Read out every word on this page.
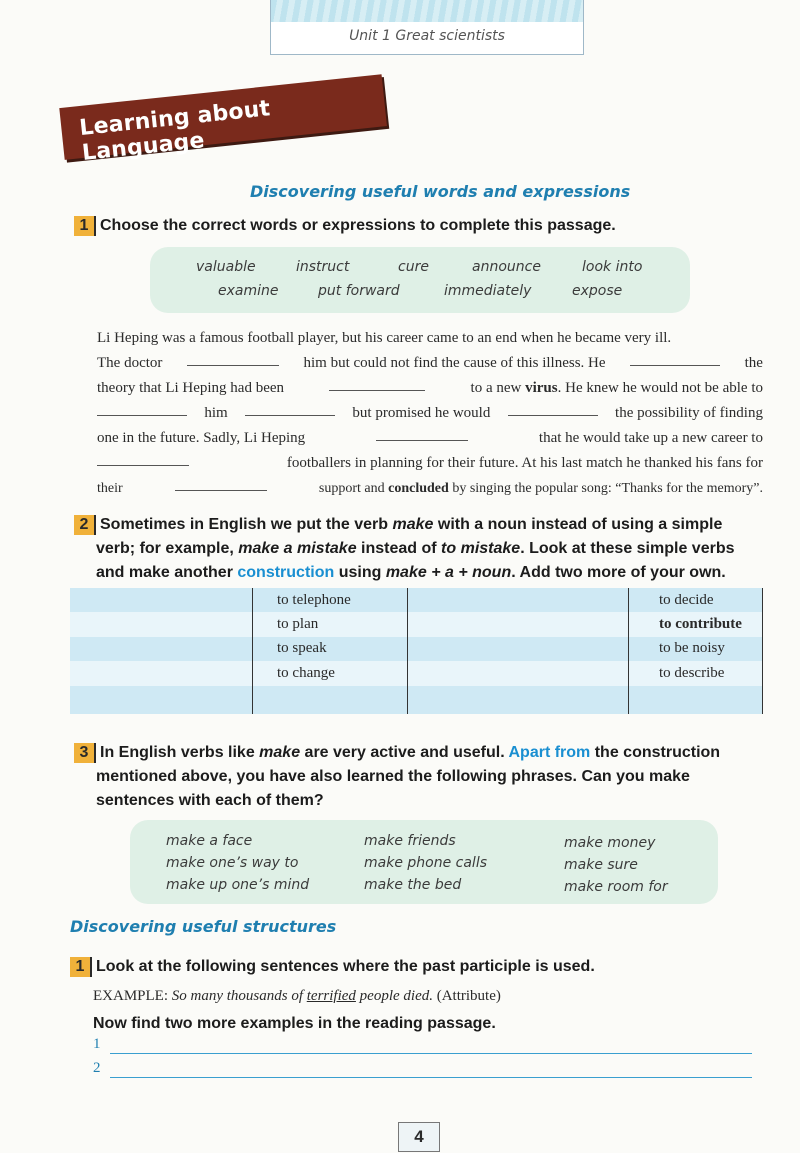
Unit 1 Great scientists
Learning about Language
Discovering useful words and expressions
1 Choose the correct words or expressions to complete this passage.
valuable	instruct	cure	announce	look into
examine	put forward	immediately	expose
Li Heping was a famous football player, but his career came to an end when he became very ill.
The doctor	him but could not find the cause of this illness. He	the
theory that Li Heping had been	to a new virus. He knew he would not be able to
him	but promised he would	the possibility of finding
one in the future. Sadly, Li Heping	that he would take up a new career to
footballers in planning for their future. At his last match he thanked his fans for
their	support and concluded by singing the popular song: “Thanks for the memory”.
2 Sometimes in English we put the verb make with a noun instead of using a simple
verb; for example, make a mistake instead of to mistake. Look at these simple verbs
and make another construction using make + a + noun. Add two more of your own.
	to telephone		to decide
	to plan		to contribute
	to speak		to be noisy
	to change		to describe

3 In English verbs like make are very active and useful. Apart from the construction
mentioned above, you have also learned the following phrases. Can you make
sentences with each of them?
make a face
make one’s way to
make up one’s mind
make friends
make phone calls
make the bed
make money
make sure
make room for
Discovering useful structures
1 Look at the following sentences where the past participle is used.
EXAMPLE: So many thousands of terrified people died. (Attribute)
Now find two more examples in the reading passage.
1
2
4
